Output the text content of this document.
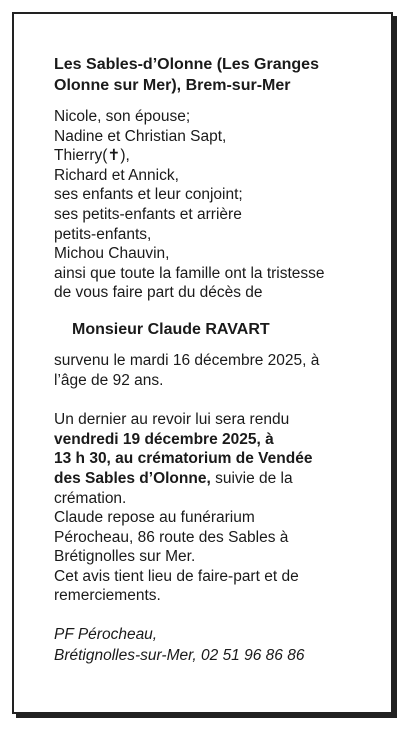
Les Sables-d’Olonne (Les Granges
Olonne sur Mer), Brem-sur-Mer
Nicole, son épouse;
Nadine et Christian Sapt,
Thierry(✝),
Richard et Annick,
ses enfants et leur conjoint;
ses petits-enfants et arrière
petits-enfants,
Michou Chauvin,
ainsi que toute la famille ont la tristesse
de vous faire part du décès de
Monsieur Claude RAVART
survenu le mardi 16 décembre 2025, à
l’âge de 92 ans.
Un dernier au revoir lui sera rendu
vendredi 19 décembre 2025, à
13 h 30, au crématorium de Vendée
des Sables d’Olonne, suivie de la
crémation.
Claude repose au funérarium
Pérocheau, 86 route des Sables à
Brétignolles sur Mer.
Cet avis tient lieu de faire-part et de
remerciements.
PF Pérocheau,
Brétignolles-sur-Mer, 02 51 96 86 86
